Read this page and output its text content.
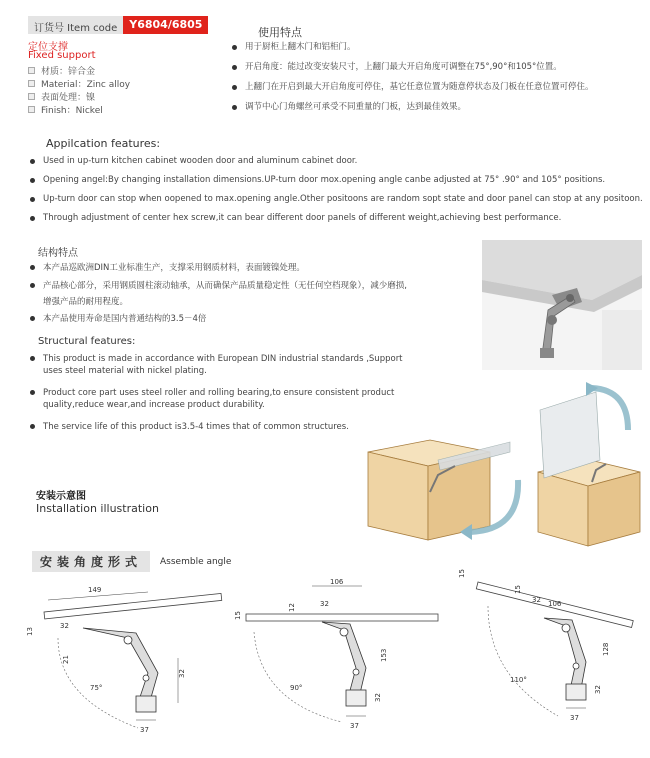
订货号 Item code	Y6804/6805
定位支撑
Fixed support
材质：锌合金
Material：Zinc alloy
表面处理：镍
Finish：Nickel
使用特点
用于厨柜上翻木门和铝柜门。
开启角度：能过改变安装尺寸，上翻门最大开启角度可调整在75°,90°和105°位置。
上翻门在开启到最大开启角度可停住，基它任意位置为随意停状态及门板在任意位置可停住。
调节中心门角螺丝可承受不同重量的门板，达到最佳效果。
Appilcation features:
Used in up-turn kitchen cabinet wooden door and aluminum cabinet door.
Opening angel:By changing installation dimensions.UP-turn door mox.opening angle canbe adjusted at 75° .90° and 105° positions.
Up-turn door can stop when oopened to max.opening angle.Other positoons are random sopt state and door panel can stop at any positoon.
Through adjustment of center hex screw,it can bear different door panels of different weight,achieving best performance.
结构特点
本产品巡欧洲DIN工业标准生产，支撑采用钢质材料，表面镀镍处理。
产品核心部分，采用钢质圆柱滚动轴承，从而确保产品质量稳定性（无任何空档现象），减少磨损,
增强产品的耐用程度。
本产品使用寿命是国内普通结构的3.5－4倍
Structural features:
This product is made in accordance with European DIN industrial standards ,Support
uses steel material with nickel plating.
Product core part uses steel roller and rolling bearing,to ensure consistent product
quality,reduce wear,and increase product durability.
The service life of this product is3.5-4 times that of common structures.
安装示意图
Installation illustration
安装角度形式	Assemble angle
149
32
13
21
75°
32
37
106
32
12
15
153
90°
32
37
15
15
32 106
128
110°
32
37
